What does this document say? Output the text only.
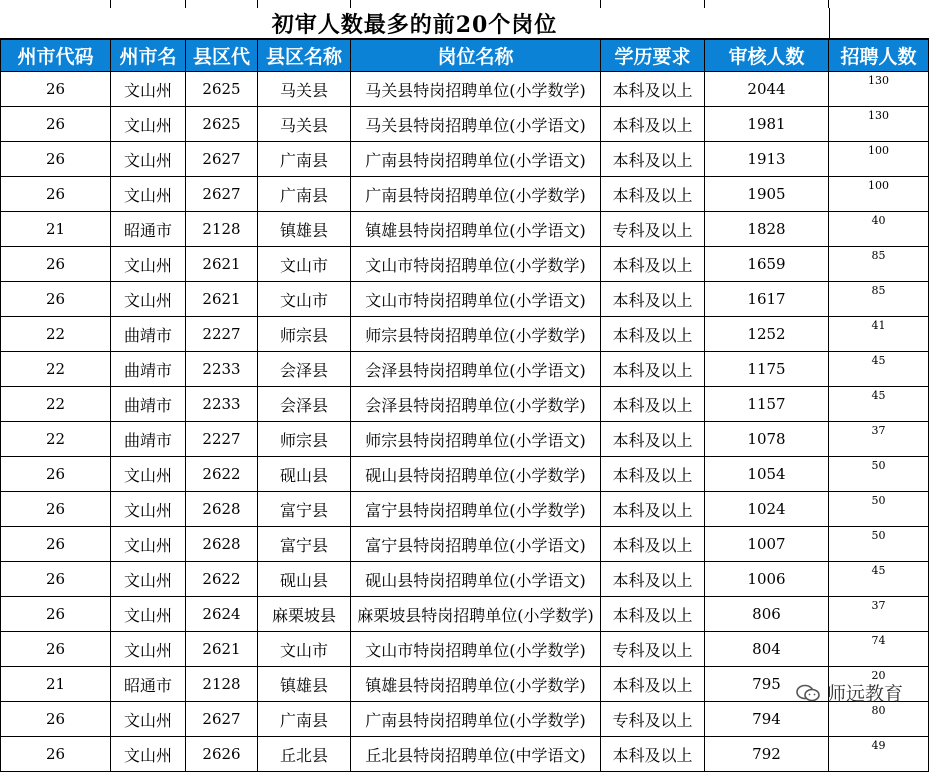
初审人数最多的前20个岗位
州市代码	州市名	县区代	县区名称	岗位名称	学历要求	审核人数	招聘人数
26	文山州	2625	马关县	马关县特岗招聘单位(小学数学)	本科及以上	2044	130
26	文山州	2625	马关县	马关县特岗招聘单位(小学语文)	本科及以上	1981	130
26	文山州	2627	广南县	广南县特岗招聘单位(小学语文)	本科及以上	1913	100
26	文山州	2627	广南县	广南县特岗招聘单位(小学数学)	本科及以上	1905	100
21	昭通市	2128	镇雄县	镇雄县特岗招聘单位(小学语文)	专科及以上	1828	40
26	文山州	2621	文山市	文山市特岗招聘单位(小学数学)	本科及以上	1659	85
26	文山州	2621	文山市	文山市特岗招聘单位(小学语文)	本科及以上	1617	85
22	曲靖市	2227	师宗县	师宗县特岗招聘单位(小学数学)	本科及以上	1252	41
22	曲靖市	2233	会泽县	会泽县特岗招聘单位(小学语文)	本科及以上	1175	45
22	曲靖市	2233	会泽县	会泽县特岗招聘单位(小学数学)	本科及以上	1157	45
22	曲靖市	2227	师宗县	师宗县特岗招聘单位(小学语文)	本科及以上	1078	37
26	文山州	2622	砚山县	砚山县特岗招聘单位(小学数学)	本科及以上	1054	50
26	文山州	2628	富宁县	富宁县特岗招聘单位(小学数学)	本科及以上	1024	50
26	文山州	2628	富宁县	富宁县特岗招聘单位(小学语文)	本科及以上	1007	50
26	文山州	2622	砚山县	砚山县特岗招聘单位(小学语文)	本科及以上	1006	45
26	文山州	2624	麻栗坡县	麻栗坡县特岗招聘单位(小学数学)	本科及以上	806	37
26	文山州	2621	文山市	文山市特岗招聘单位(小学数学)	专科及以上	804	74
21	昭通市	2128	镇雄县	镇雄县特岗招聘单位(小学数学)	本科及以上	795	20
26	文山州	2627	广南县	广南县特岗招聘单位(小学数学)	专科及以上	794	80
26	文山州	2626	丘北县	丘北县特岗招聘单位(中学语文)	本科及以上	792	49
师远教育
